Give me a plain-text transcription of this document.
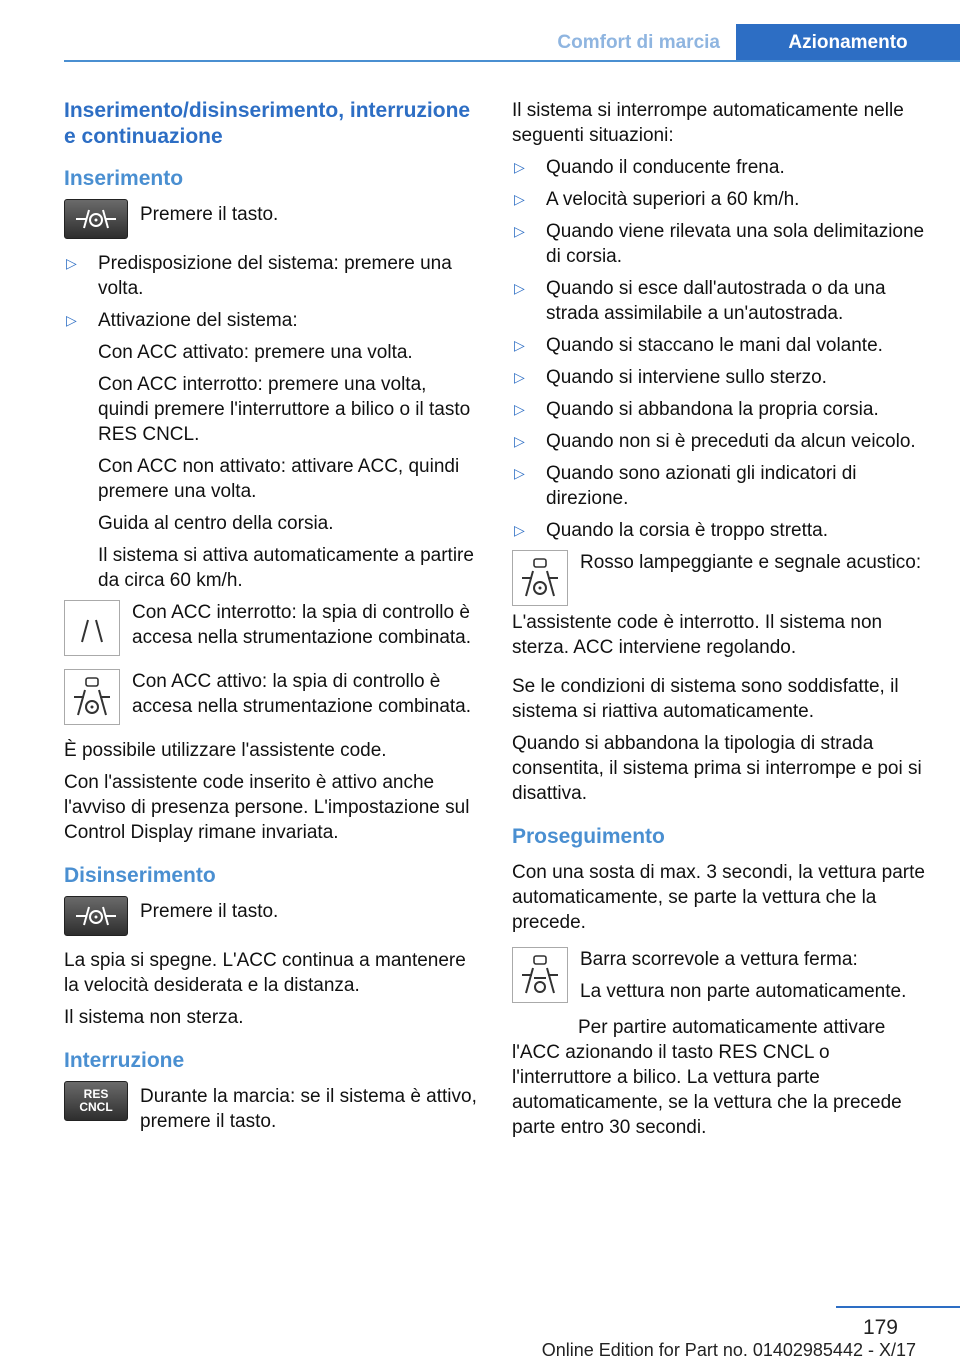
Comfort di marcia	Azionamento
Inserimento/disinserimento, interruzione e continuazione
Inserimento

Premere il tasto.

▷ Predisposizione del sistema: premere una volta.
▷ Attivazione del sistema:
Con ACC attivato: premere una volta.
Con ACC interrotto: premere una volta, quindi premere l'interruttore a bilico o il tasto RES CNCL.
Con ACC non attivato: attivare ACC, quindi premere una volta.
Guida al centro della corsia.
Il sistema si attiva automaticamente a partire da circa 60 km/h.

Con ACC interrotto: la spia di controllo è accesa nella strumentazione combinata.

Con ACC attivo: la spia di controllo è accesa nella strumentazione combinata.

È possibile utilizzare l'assistente code.

Con l'assistente code inserito è attivo anche l'avviso di presenza persone. L'impostazione sul Control Display rimane invariata.

Disinserimento

Premere il tasto.

La spia si spegne. L'ACC continua a mantenere la velocità desiderata e la distanza.

Il sistema non sterza.

Interruzione
RES
CNCL	Durante la marcia: se il sistema è attivo, premere il tasto.

Il sistema si interrompe automaticamente nelle seguenti situazioni:

▷ Quando il conducente frena.
▷ A velocità superiori a 60 km/h.
▷ Quando viene rilevata una sola delimitazione di corsia.
▷ Quando si esce dall'autostrada o da una strada assimilabile a un'autostrada.
▷ Quando si staccano le mani dal volante.
▷ Quando si interviene sullo sterzo.
▷ Quando si abbandona la propria corsia.
▷ Quando non si è preceduti da alcun veicolo.
▷ Quando sono azionati gli indicatori di direzione.
▷ Quando la corsia è troppo stretta.

Rosso lampeggiante e segnale acustico:

L'assistente code è interrotto. Il sistema non sterza. ACC interviene regolando.

Se le condizioni di sistema sono soddisfatte, il sistema si riattiva automaticamente.

Quando si abbandona la tipologia di strada consentita, il sistema prima si interrompe e poi si disattiva.

Proseguimento

Con una sosta di max. 3 secondi, la vettura parte automaticamente, se parte la vettura che la precede.

Barra scorrevole a vettura ferma:

La vettura non parte automaticamente.

Per partire automaticamente attivare l'ACC azionando il tasto RES CNCL o l'interruttore a bilico. La vettura parte automaticamente, se la vettura che la precede parte entro 30 secondi.

179
Online Edition for Part no. 01402985442 - X/17
